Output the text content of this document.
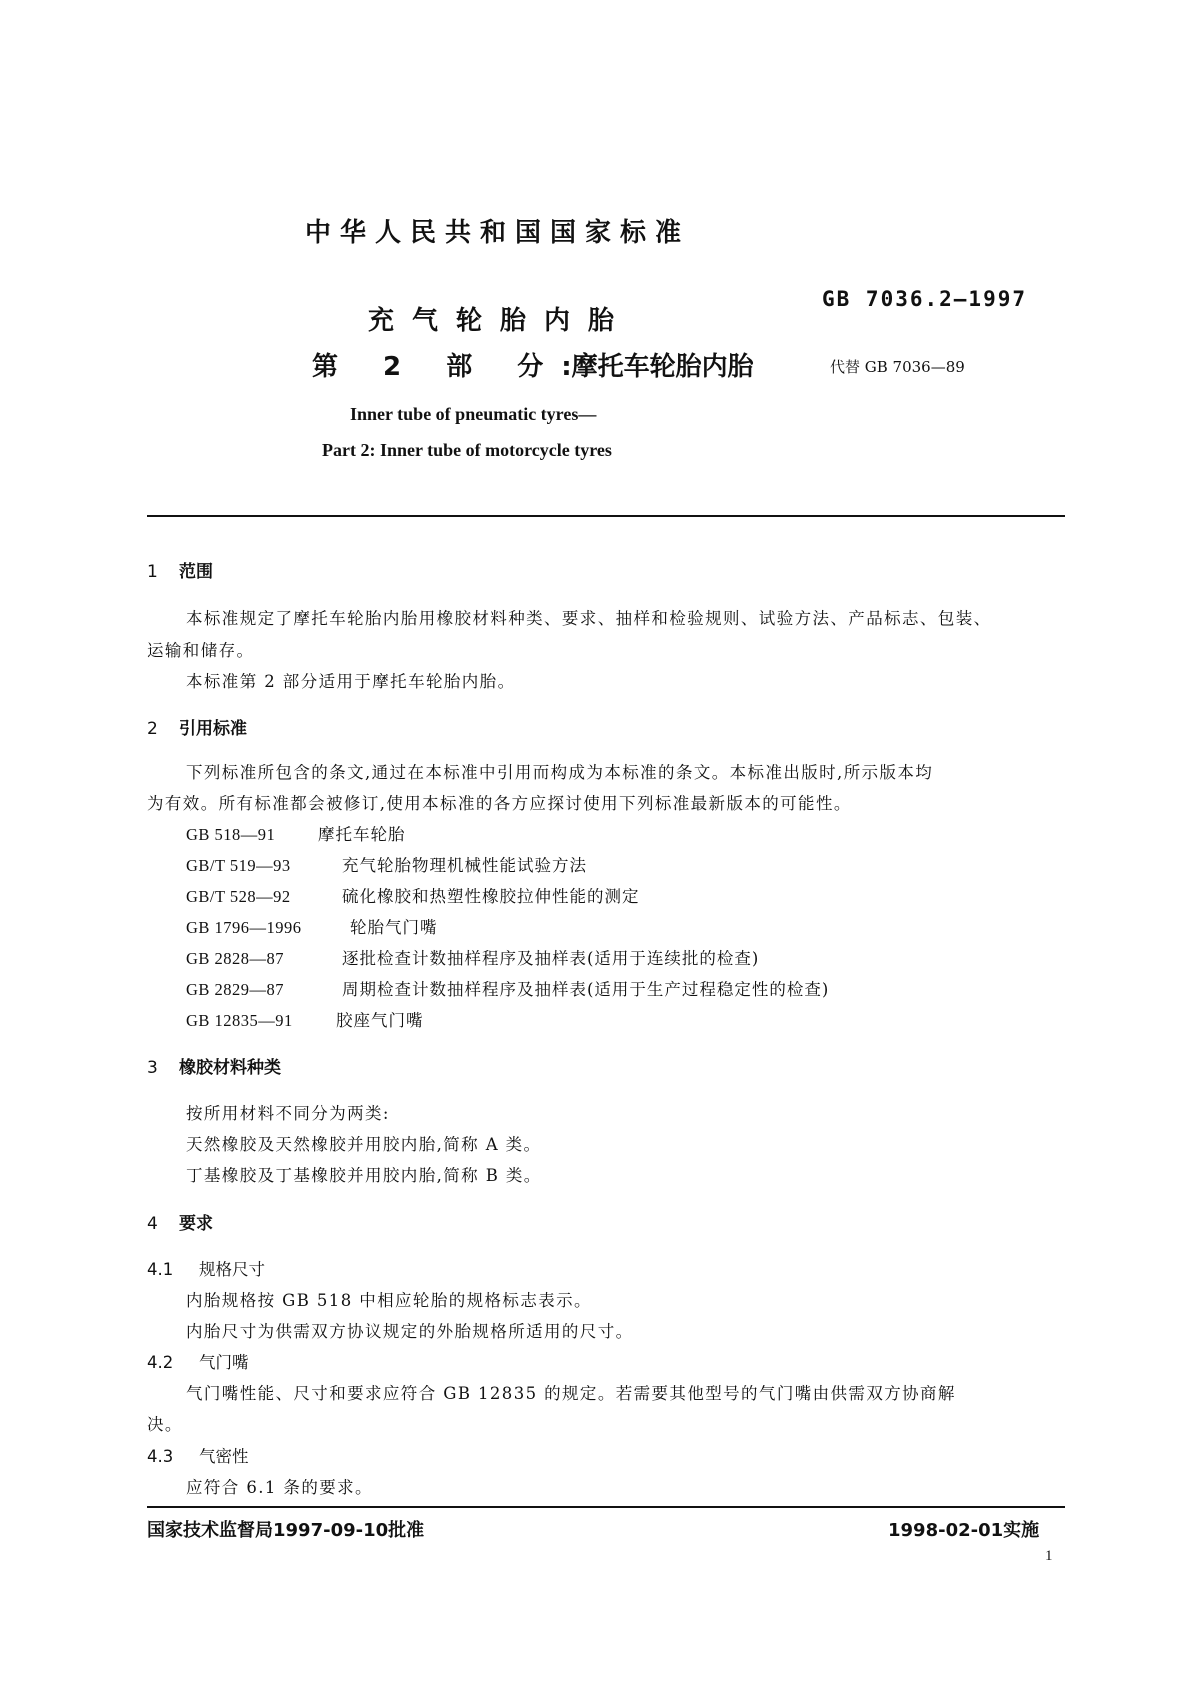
中华人民共和国国家标准
GB 7036.2—1997
充气轮胎内胎
第 2 部 分:摩托车轮胎内胎	代替 GB 7036—89
Inner tube of pneumatic tyres—
Part 2: Inner tube of motorcycle tyres
1 范围
本标准规定了摩托车轮胎内胎用橡胶材料种类、要求、抽样和检验规则、试验方法、产品标志、包装、
运输和储存。
本标准第 2 部分适用于摩托车轮胎内胎。
2 引用标准
下列标准所包含的条文,通过在本标准中引用而构成为本标准的条文。本标准出版时,所示版本均
为有效。所有标准都会被修订,使用本标准的各方应探讨使用下列标准最新版本的可能性。
GB 518—91	摩托车轮胎
GB/T 519—93	充气轮胎物理机械性能试验方法
GB/T 528—92	硫化橡胶和热塑性橡胶拉伸性能的测定
GB 1796—1996	轮胎气门嘴
GB 2828—87	逐批检查计数抽样程序及抽样表(适用于连续批的检查)
GB 2829—87	周期检查计数抽样程序及抽样表(适用于生产过程稳定性的检查)
GB 12835—91	胶座气门嘴
3 橡胶材料种类
按所用材料不同分为两类:
天然橡胶及天然橡胶并用胶内胎,简称 A 类。
丁基橡胶及丁基橡胶并用胶内胎,简称 B 类。
4 要求
4.1 规格尺寸
内胎规格按 GB 518 中相应轮胎的规格标志表示。
内胎尺寸为供需双方协议规定的外胎规格所适用的尺寸。
4.2 气门嘴
气门嘴性能、尺寸和要求应符合 GB 12835 的规定。若需要其他型号的气门嘴由供需双方协商解
决。
4.3 气密性
应符合 6.1 条的要求。
国家技术监督局1997-09-10批准	1998-02-01实施
1
